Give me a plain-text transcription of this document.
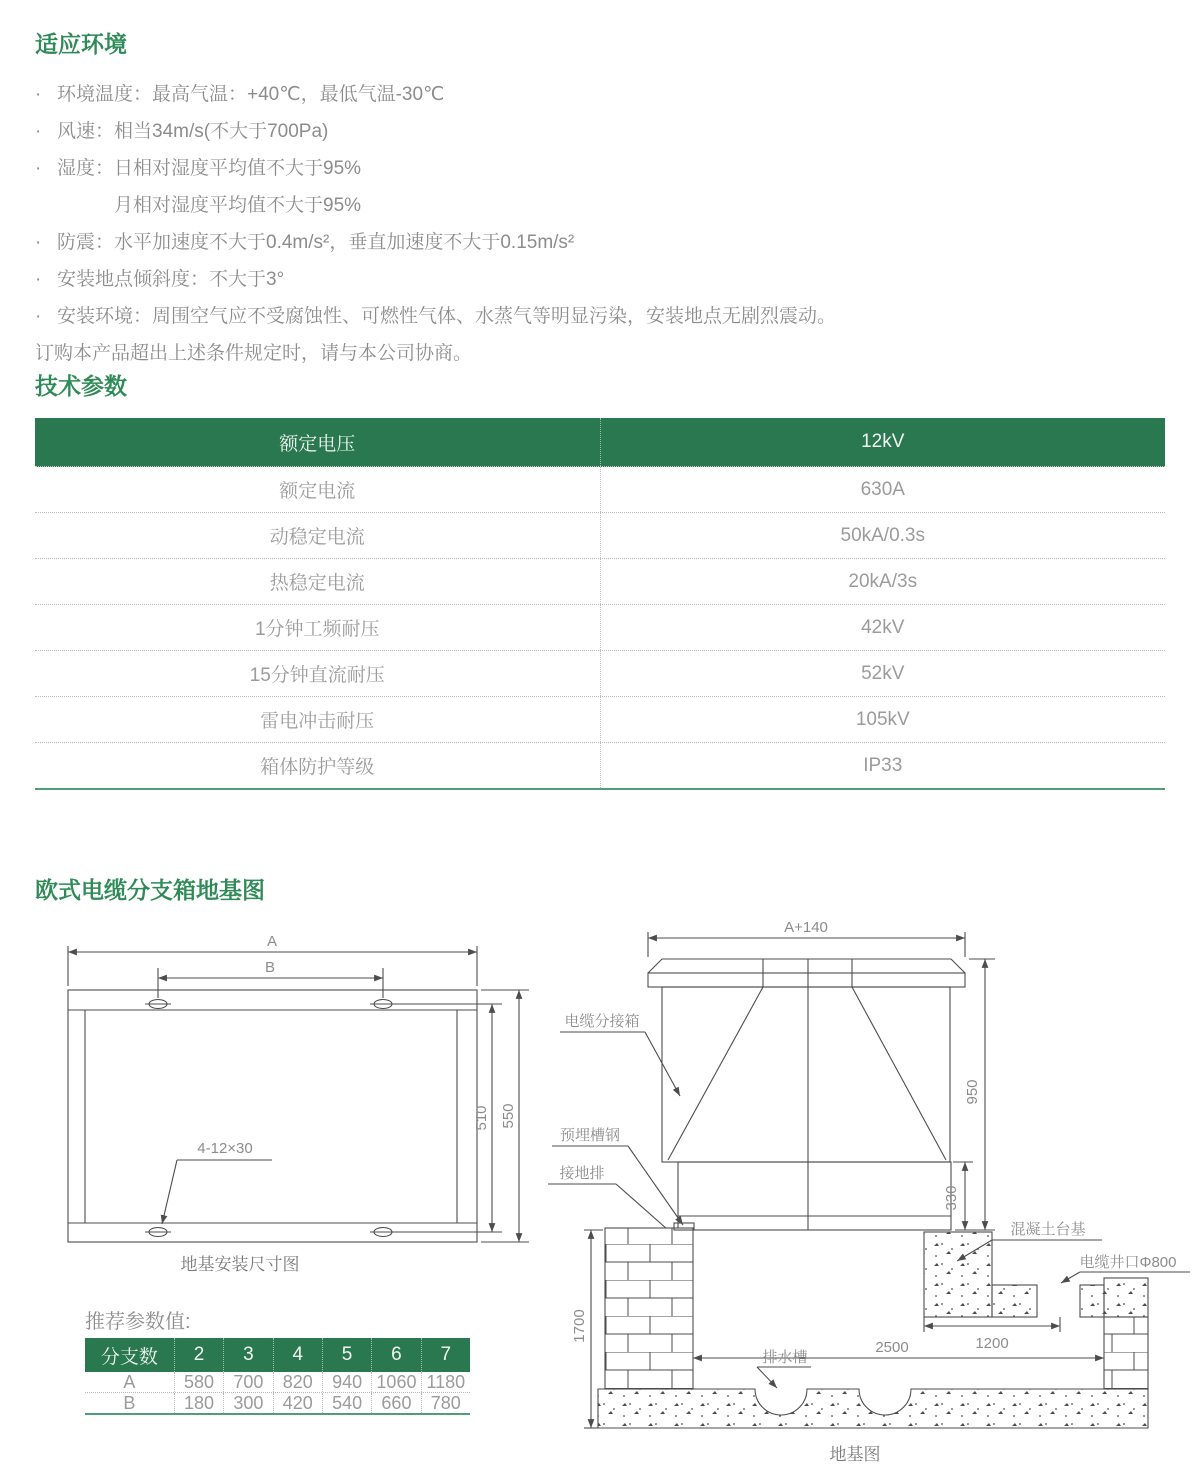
适应环境
· 环境温度：最高气温：+40℃，最低气温-30℃
· 风速：相当34m/s(不大于700Pa)
· 湿度：日相对湿度平均值不大于95%
月相对湿度平均值不大于95%
· 防震：水平加速度不大于0.4m/s²，垂直加速度不大于0.15m/s²
· 安装地点倾斜度：不大于3°
· 安装环境：周围空气应不受腐蚀性、可燃性气体、水蒸气等明显污染，安装地点无剧烈震动。
订购本产品超出上述条件规定时，请与本公司协商。
技术参数
额定电压	12kV
额定电流	630A
动稳定电流	50kA/0.3s
热稳定电流	20kA/3s
1分钟工频耐压	42kV
15分钟直流耐压	52kV
雷电冲击耐压	105kV
箱体防护等级	IP33
欧式电缆分支箱地基图
A
B
510 550
4-12×30
地基安装尺寸图
推荐参数值:
分支数	2	3	4	5	6	7
A	580	700	820	940 1060 1180
B	180	300	420	540	660	780
A+140
950
330
电缆分接箱
预埋槽钢
接地排
1700
混凝土台基
电缆井口Φ800
1200
2500
排水槽
地基图
